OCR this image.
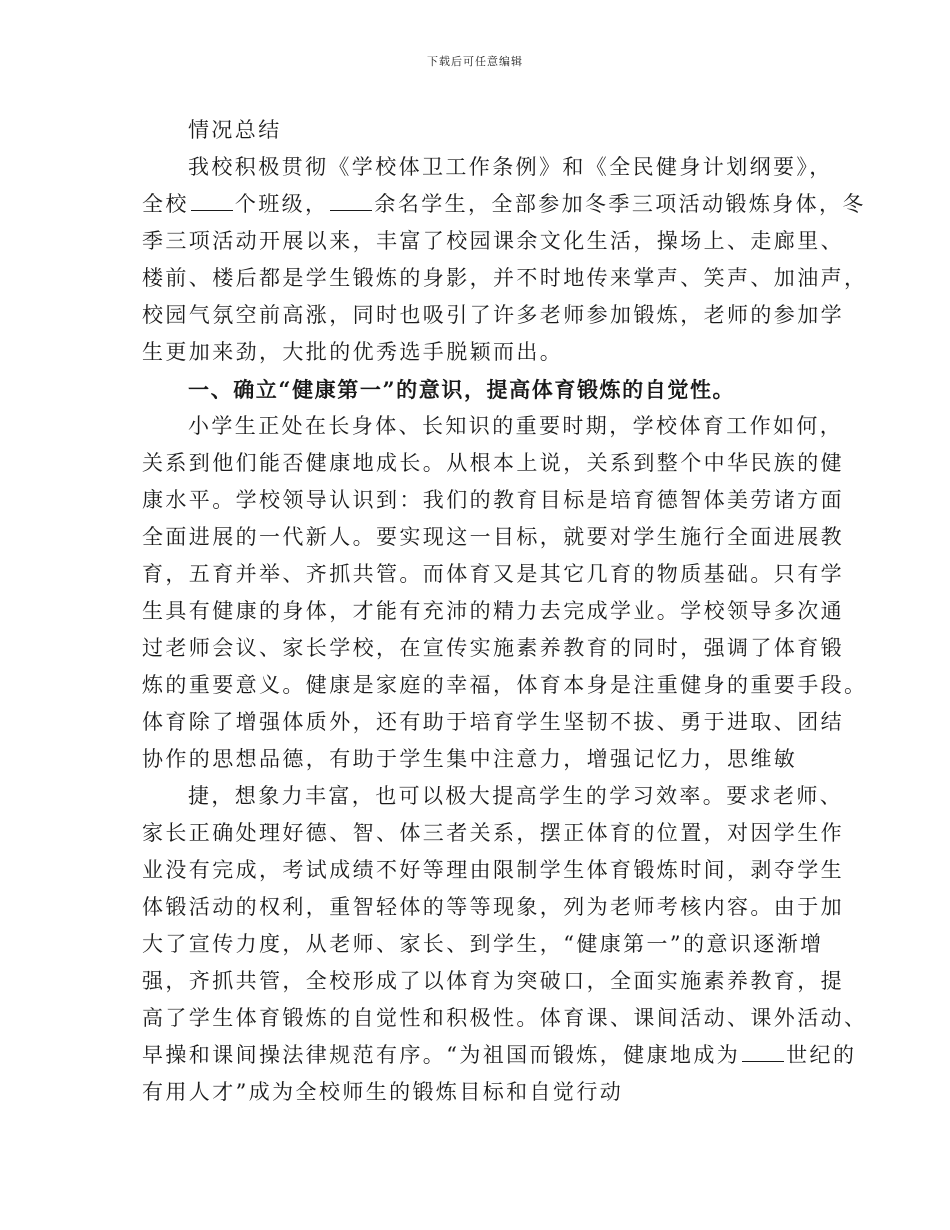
下载后可任意编辑
情况总结
我校积极贯彻《学校体卫工作条例》和《全民健身计划纲要》，
全校 个班级， 余名学生，全部参加冬季三项活动锻炼身体，冬
季三项活动开展以来，丰富了校园课余文化生活，操场上、走廊里、
楼前、楼后都是学生锻炼的身影，并不时地传来掌声、笑声、加油声，
校园气氛空前高涨，同时也吸引了许多老师参加锻炼，老师的参加学
生更加来劲，大批的优秀选手脱颖而出。
一、确立“健康第一”的意识，提高体育锻炼的自觉性。
小学生正处在长身体、长知识的重要时期，学校体育工作如何，
关系到他们能否健康地成长。从根本上说，关系到整个中华民族的健
康水平。学校领导认识到：我们的教育目标是培育德智体美劳诸方面
全面进展的一代新人。要实现这一目标，就要对学生施行全面进展教
育，五育并举、齐抓共管。而体育又是其它几育的物质基础。只有学
生具有健康的身体，才能有充沛的精力去完成学业。学校领导多次通
过老师会议、家长学校，在宣传实施素养教育的同时，强调了体育锻
炼的重要意义。健康是家庭的幸福，体育本身是注重健身的重要手段。
体育除了增强体质外，还有助于培育学生坚韧不拔、勇于进取、团结
协作的思想品德，有助于学生集中注意力，增强记忆力，思维敏
捷，想象力丰富，也可以极大提高学生的学习效率。要求老师、
家长正确处理好德、智、体三者关系，摆正体育的位置，对因学生作
业没有完成，考试成绩不好等理由限制学生体育锻炼时间，剥夺学生
体锻活动的权利，重智轻体的等等现象，列为老师考核内容。由于加
大了宣传力度，从老师、家长、到学生，“健康第一”的意识逐渐增
强，齐抓共管，全校形成了以体育为突破口，全面实施素养教育，提
高了学生体育锻炼的自觉性和积极性。体育课、课间活动、课外活动、
早操和课间操法律规范有序。“为祖国而锻炼，健康地成为 世纪的
有用人才”成为全校师生的锻炼目标和自觉行动
